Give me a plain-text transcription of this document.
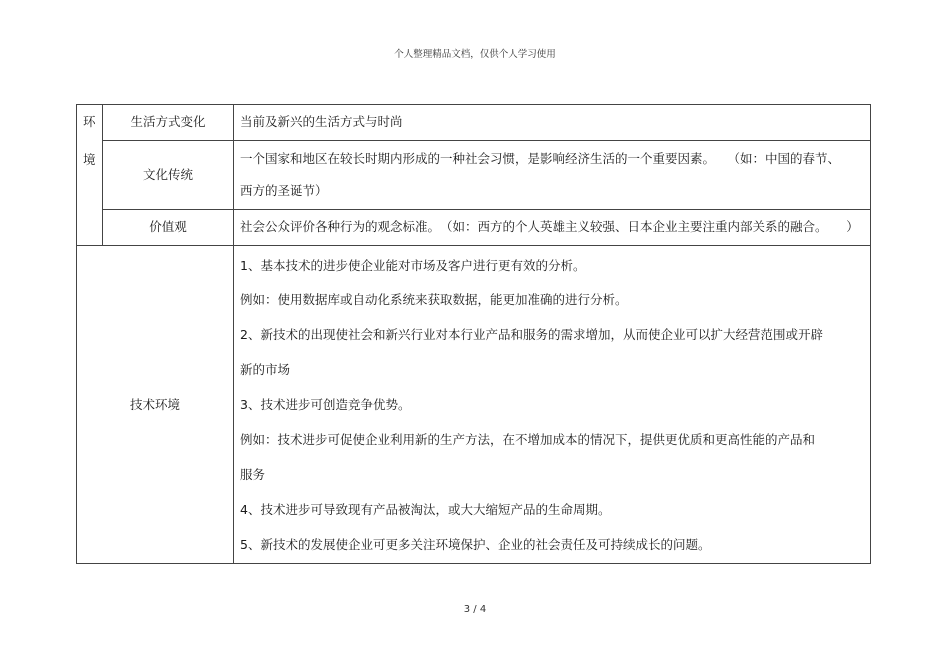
个人整理精品文档，仅供个人学习使用
环
境
生活方式变化	当前及新兴的生活方式与时尚
文化传统
一个国家和地区在较长时期内形成的一种社会习惯，是影响经济生活的一个重要因素。　　（如：中国的春节、
西方的圣诞节）
价值观	社会公众评价各种行为的观念标准。　（如：西方的个人英雄主义较强、日本企业主要注重内部关系的融合。　　）
技术环境
1、基本技术的进步使企业能对市场及客户进行更有效的分析。
例如：使用数据库或自动化系统来获取数据，能更加准确的进行分析。
2、新技术的出现使社会和新兴行业对本行业产品和服务的需求增加，从而使企业可以扩大经营范围或开辟
新的市场
3、技术进步可创造竞争优势。
例如：技术进步可促使企业利用新的生产方法，在不增加成本的情况下，提供更优质和更高性能的产品和
服务
4、技术进步可导致现有产品被淘汰，或大大缩短产品的生命周期。
5、新技术的发展使企业可更多关注环境保护、企业的社会责任及可持续成长的问题。
3 / 4
